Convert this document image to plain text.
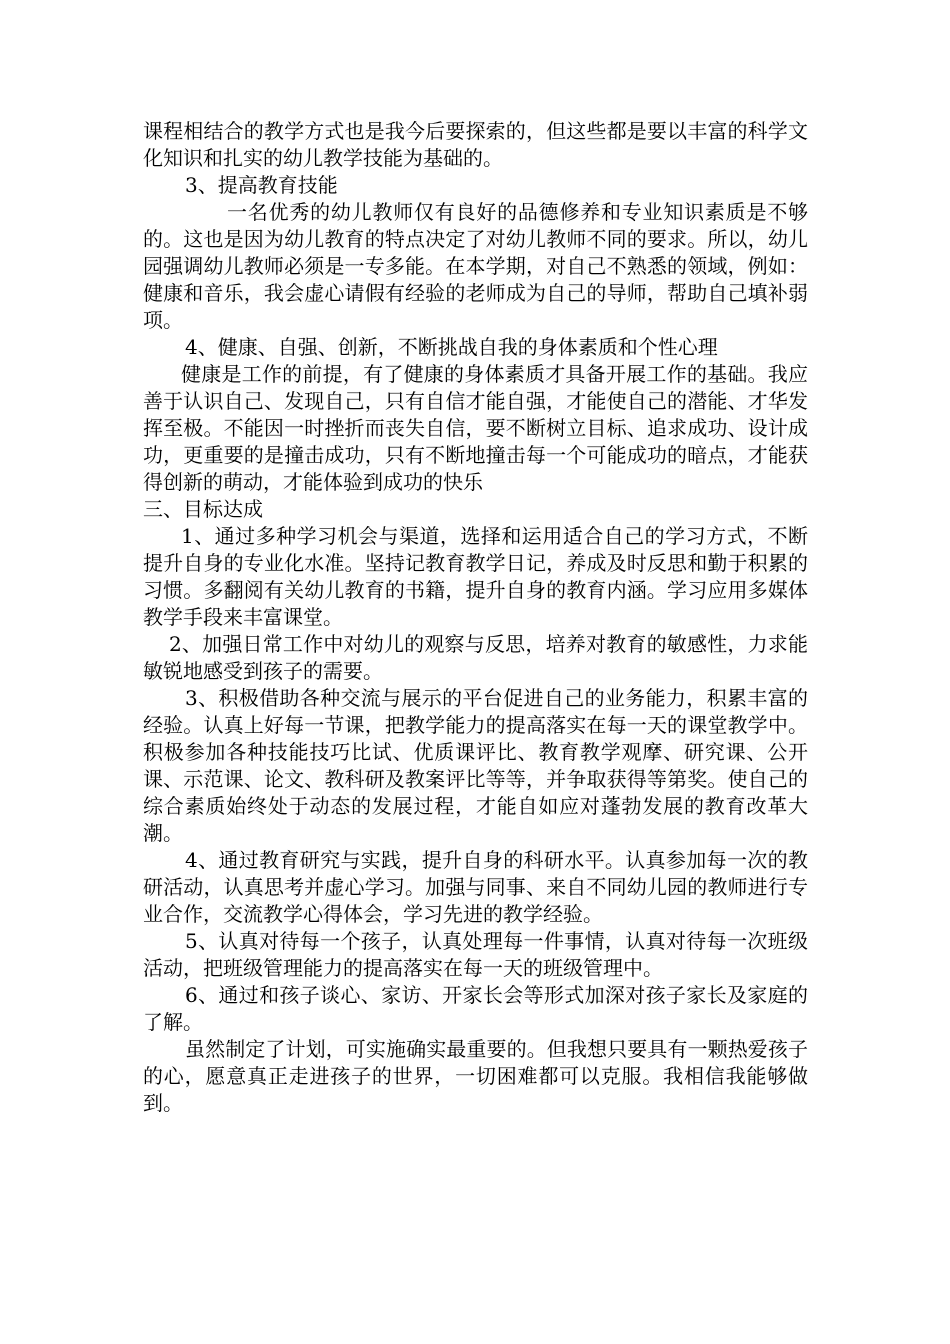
课程相结合的教学方式也是我今后要探索的，但这些都是要以丰富的科学文化知识和扎实的幼儿教学技能为基础的。

3、提高教育技能

一名优秀的幼儿教师仅有良好的品德修养和专业知识素质是不够的。这也是因为幼儿教育的特点决定了对幼儿教师不同的要求。所以，幼儿园强调幼儿教师必须是一专多能。在本学期，对自己不熟悉的领域，例如：健康和音乐，我会虚心请假有经验的老师成为自己的导师，帮助自己填补弱项。

4、健康、自强、创新，不断挑战自我的身体素质和个性心理

健康是工作的前提，有了健康的身体素质才具备开展工作的基础。我应善于认识自己、发现自己，只有自信才能自强，才能使自己的潜能、才华发挥至极。不能因一时挫折而丧失自信，要不断树立目标、追求成功、设计成功，更重要的是撞击成功，只有不断地撞击每一个可能成功的暗点，才能获得创新的萌动，才能体验到成功的快乐

三、目标达成

1、通过多种学习机会与渠道，选择和运用适合自己的学习方式，不断提升自身的专业化水准。坚持记教育教学日记，养成及时反思和勤于积累的习惯。多翻阅有关幼儿教育的书籍，提升自身的教育内涵。学习应用多媒体教学手段来丰富课堂。

2、加强日常工作中对幼儿的观察与反思，培养对教育的敏感性，力求能敏锐地感受到孩子的需要。

3、积极借助各种交流与展示的平台促进自己的业务能力，积累丰富的经验。认真上好每一节课，把教学能力的提高落实在每一天的课堂教学中。积极参加各种技能技巧比试、优质课评比、教育教学观摩、研究课、公开课、示范课、论文、教科研及教案评比等等，并争取获得等第奖。使自己的综合素质始终处于动态的发展过程，才能自如应对蓬勃发展的教育改革大潮。

4、通过教育研究与实践，提升自身的科研水平。认真参加每一次的教研活动，认真思考并虚心学习。加强与同事、来自不同幼儿园的教师进行专业合作，交流教学心得体会，学习先进的教学经验。

5、认真对待每一个孩子，认真处理每一件事情，认真对待每一次班级活动，把班级管理能力的提高落实在每一天的班级管理中。

6、通过和孩子谈心、家访、开家长会等形式加深对孩子家长及家庭的了解。

虽然制定了计划，可实施确实最重要的。但我想只要具有一颗热爱孩子的心，愿意真正走进孩子的世界，一切困难都可以克服。我相信我能够做到。
